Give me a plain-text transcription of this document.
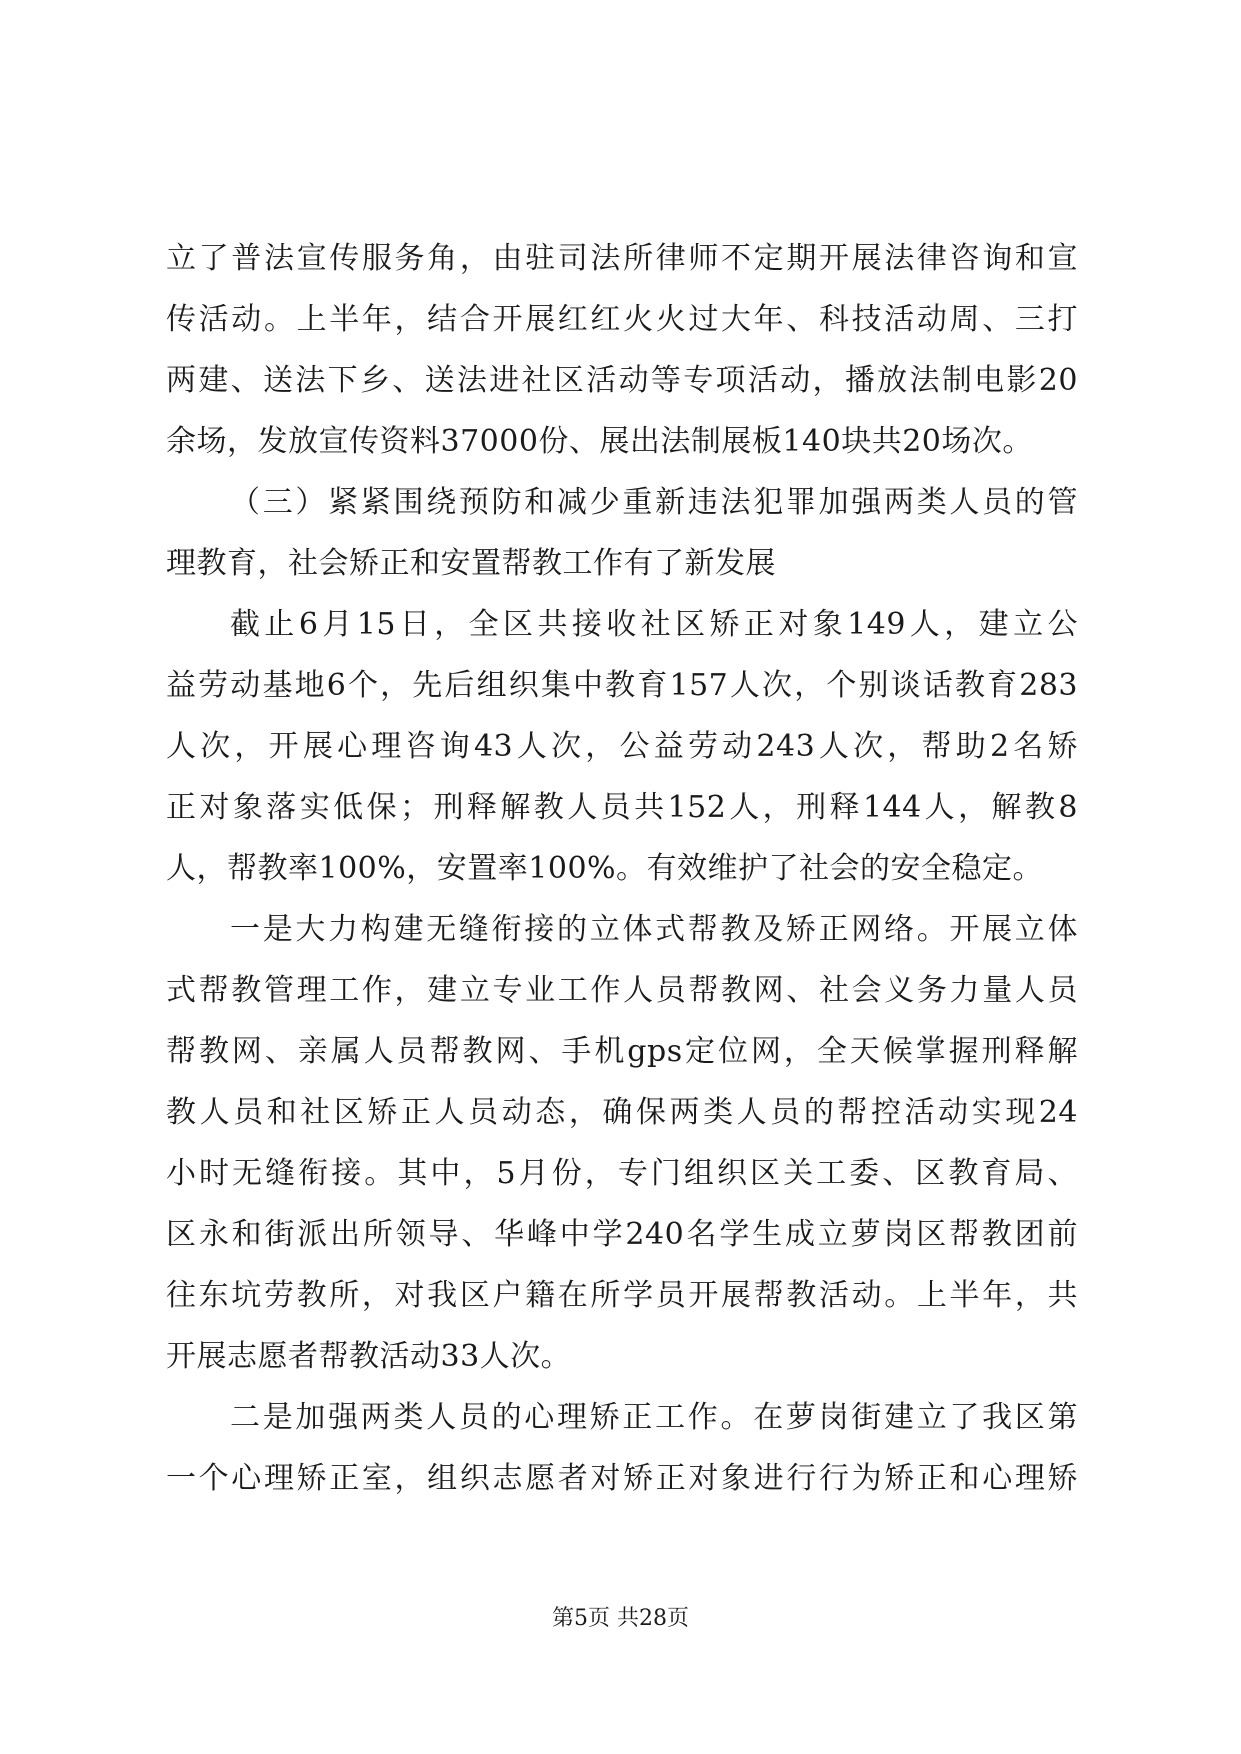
立了普法宣传服务角，由驻司法所律师不定期开展法律咨询和宣
传活动。上半年，结合开展红红火火过大年、科技活动周、三打
两建、送法下乡、送法进社区活动等专项活动，播放法制电影20
余场，发放宣传资料37000份、展出法制展板140块共20场次。
（三）紧紧围绕预防和减少重新违法犯罪加强两类人员的管
理教育，社会矫正和安置帮教工作有了新发展
截止6月15日，全区共接收社区矫正对象149人，建立公
益劳动基地6个，先后组织集中教育157人次，个别谈话教育283
人次，开展心理咨询43人次，公益劳动243人次，帮助2名矫
正对象落实低保；刑释解教人员共152人，刑释144人，解教8
人，帮教率100%，安置率100%。有效维护了社会的安全稳定。
一是大力构建无缝衔接的立体式帮教及矫正网络。开展立体
式帮教管理工作，建立专业工作人员帮教网、社会义务力量人员
帮教网、亲属人员帮教网、手机gps定位网，全天候掌握刑释解
教人员和社区矫正人员动态，确保两类人员的帮控活动实现24
小时无缝衔接。其中，5月份，专门组织区关工委、区教育局、
区永和街派出所领导、华峰中学240名学生成立萝岗区帮教团前
往东坑劳教所，对我区户籍在所学员开展帮教活动。上半年，共
开展志愿者帮教活动33人次。
二是加强两类人员的心理矫正工作。在萝岗街建立了我区第
一个心理矫正室，组织志愿者对矫正对象进行行为矫正和心理矫
第5页 共28页
